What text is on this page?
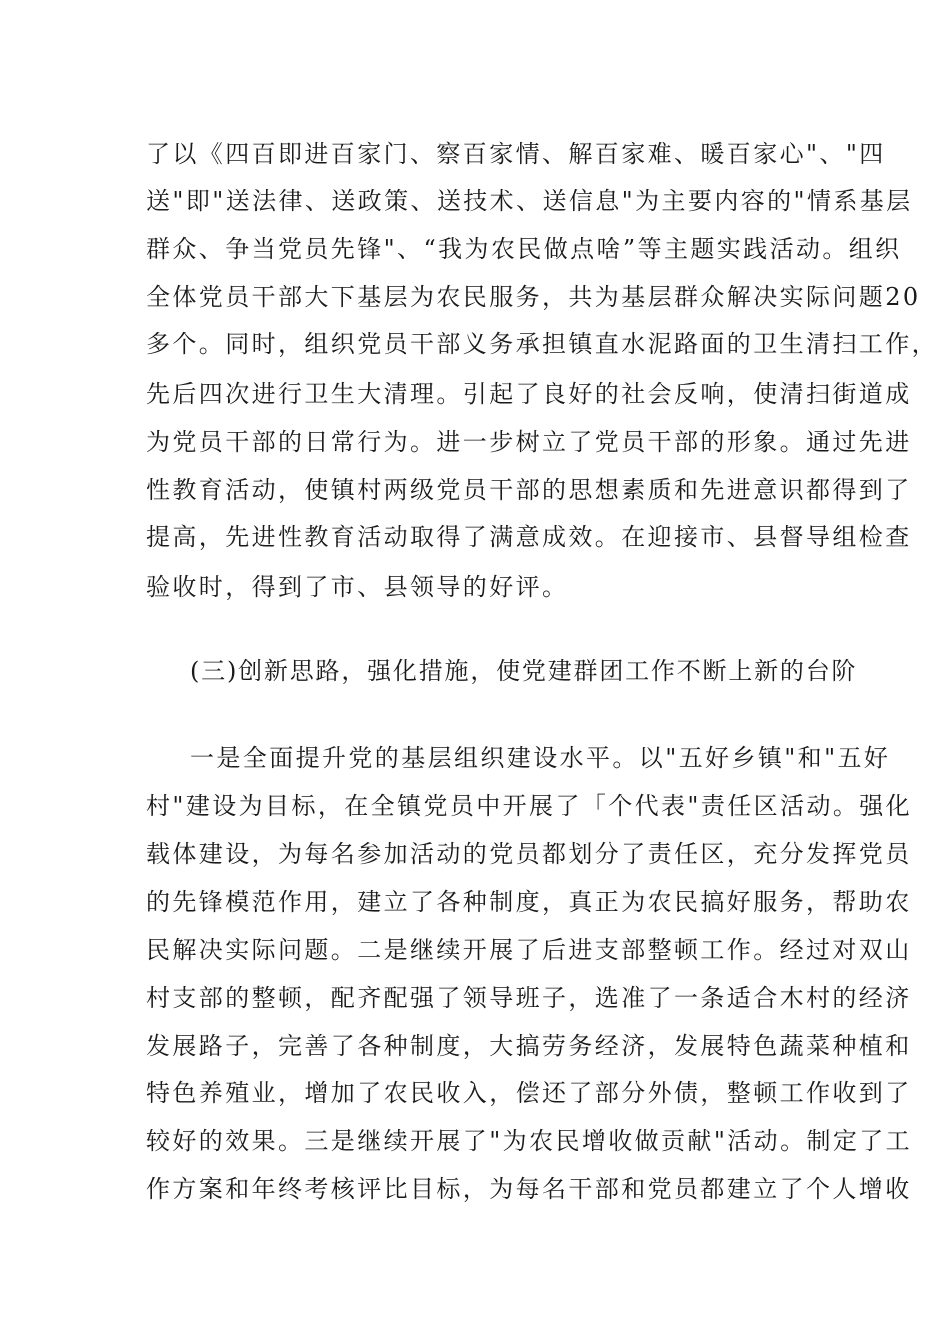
了以《四百即进百家门、察百家情、解百家难、暖百家心"、"四
送"即"送法律、送政策、送技术、送信息"为主要内容的"情系基层
群众、争当党员先锋"、“我为农民做点啥”等主题实践活动。组织
全体党员干部大下基层为农民服务，共为基层群众解决实际问题20
多个。同时，组织党员干部义务承担镇直水泥路面的卫生清扫工作，
先后四次进行卫生大清理。引起了良好的社会反响，使清扫街道成
为党员干部的日常行为。进一步树立了党员干部的形象。通过先进
性教育活动，使镇村两级党员干部的思想素质和先进意识都得到了
提高，先进性教育活动取得了满意成效。在迎接市、县督导组检查
验收时，得到了市、县领导的好评。
(三)创新思路，强化措施，使党建群团工作不断上新的台阶
一是全面提升党的基层组织建设水平。以"五好乡镇"和"五好
村"建设为目标，在全镇党员中开展了「个代表"责任区活动。强化
载体建设，为每名参加活动的党员都划分了责任区，充分发挥党员
的先锋模范作用，建立了各种制度，真正为农民搞好服务，帮助农
民解决实际问题。二是继续开展了后进支部整顿工作。经过对双山
村支部的整顿，配齐配强了领导班子，选准了一条适合木村的经济
发展路子，完善了各种制度，大搞劳务经济，发展特色蔬菜种植和
特色养殖业，增加了农民收入，偿还了部分外债，整顿工作收到了
较好的效果。三是继续开展了"为农民增收做贡献"活动。制定了工
作方案和年终考核评比目标，为每名干部和党员都建立了个人增收
